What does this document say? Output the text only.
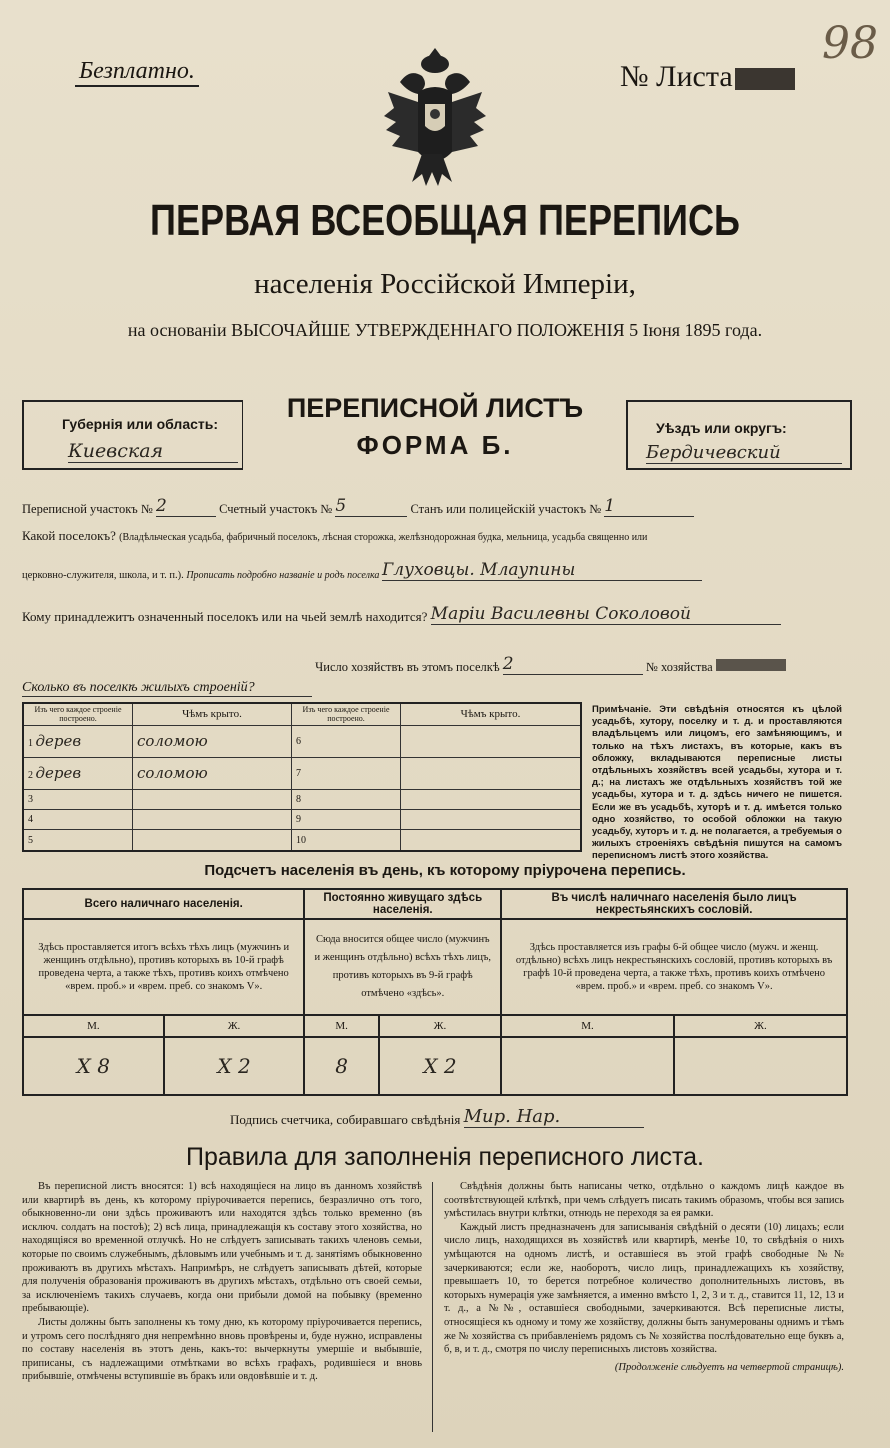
Безплатно.	№ Листа
98
ПЕРВАЯ ВСЕОБЩАЯ ПЕРЕПИСЬ
населенія Россійской Имперіи,
на основаніи ВЫСОЧАЙШЕ УТВЕРЖДЕННАГО ПОЛОЖЕНІЯ 5 Іюня 1895 года.
Губернія или область:
Киевская
ПЕРЕПИСНОЙ ЛИСТЪ
ФОРМА Б.
Уѣздъ или округъ:
Бердичевский
Переписной участокъ № 2	Счетный участокъ № 5	Станъ или полицейскій участокъ № 1
Какой поселокъ? (Владѣльческая усадьба, фабричный поселокъ, лѣсная сторожка, желѣзнодорожная будка, мельница, усадьба священно или
церковно-служителя, школа, и т. п.). Прописать подробно названіе и родъ поселка Глуховцы. Млаупины
Кому принадлежитъ означенный поселокъ или на чьей землѣ находится? Марiи Василевны Соколовой
Число хозяйствъ въ этомъ поселкѣ 2	№ хозяйства
Сколько въ поселкѣ жилыхъ строеній?
Изъ чего каждое строеніе построено.	Чѣмъ крыто.	Изъ чего каждое строеніе построено.	Чѣмъ крыто.
1 дерев	соломою	6	
2 дерев	соломою	7	
3		8	
4		9	
5		10	
Примѣчаніе. Эти свѣдѣнія относятся къ цѣлой усадьбѣ, хутору, поселку и т. д. и проставляются владѣльцемъ или лицомъ, его замѣняющимъ, и только на тѣхъ листахъ, въ которые, какъ въ обложку, вкладываются переписные листы отдѣльныхъ хозяйствъ всей усадьбы, хутора и т. д.; на листахъ же отдѣльныхъ хозяйствъ той же усадьбы, хутора и т. д. здѣсь ничего не пишется. Если же въ усадьбѣ, хуторѣ и т. д. имѣется только одно хозяйство, то особой обложки на такую усадьбу, хуторъ и т. д. не полагается, а требуемыя о жилыхъ строеніяхъ свѣдѣнія пишутся на самомъ переписномъ листѣ этого хозяйства.
Подсчетъ населенія въ день, къ которому пріурочена перепись.
Всего наличнаго населенія.		Постоянно живущаго здѣсь населенія.		Въ числѣ наличнаго населенія было лицъ некрестьянскихъ сословій.	
Здѣсь проставляется итогъ всѣхъ тѣхъ лицъ (мужчинъ и женщинъ отдѣльно), противъ которыхъ въ 10-й графѣ проведена черта, а также тѣхъ, противъ коихъ отмѣчено «врем. проб.» и «врем. преб. со знакомъ V».		Сюда вносится общее число (мужчинъ и женщинъ отдѣльно) всѣхъ тѣхъ лицъ, противъ которыхъ въ 9-й графѣ отмѣчено «здѣсь».		Здѣсь проставляется изъ графы 6-й общее число (мужч. и женщ. отдѣльно) всѣхъ лицъ некрестьянскихъ сословій, противъ которыхъ въ графѣ 10-й проведена черта, а также тѣхъ, противъ коихъ отмѣчено «врем. проб.» и «врем. преб. со знакомъ V».	
М.	Ж.	М.	Ж.	М.	Ж.
Х 8	Х 2	8	Х 2		
Подпись счетчика, собиравшаго свѣдѣнія Мир. Нар.
Правила для заполненія переписного листа.

Въ переписной листъ вносятся: 1) всѣ находящіеся на лицо въ данномъ хозяйствѣ или квартирѣ въ день, къ которому пріурочивается перепись, безразлично отъ того, обыкновенно-ли они здѣсь проживаютъ или находятся здѣсь только временно (въ исключ. солдатъ на постоѣ); 2) всѣ лица, принадлежащія къ составу этого хозяйства, но находящіяся во временной отлучкѣ. Но не слѣдуетъ записывать такихъ членовъ семьи, которые по своимъ служебнымъ, дѣловымъ или учебнымъ и т. д. занятіямъ обыкновенно проживаютъ въ другихъ мѣстахъ. Напримѣръ, не слѣдуетъ записывать дѣтей, которые для полученія образованія проживаютъ въ другихъ мѣстахъ, отдѣльно отъ своей семьи, за исключеніемъ такихъ случаевъ, когда они прибыли домой на побывку (временно пребывающіе).

Листы должны быть заполнены къ тому дню, къ которому пріурочивается перепись, и утромъ сего послѣдняго дня непремѣнно вновь провѣрены и, буде нужно, исправлены по составу населенія въ этотъ день, какъ-то: вычеркнуты умершіе и выбывшіе, приписаны, съ надлежащими отмѣтками во всѣхъ графахъ, родившіеся и вновь прибывшіе, отмѣчены вступившіе въ бракъ или овдовѣвшіе и т. д.

Свѣдѣнія должны быть написаны четко, отдѣльно о каждомъ лицѣ каждое въ соотвѣтствующей клѣткѣ, при чемъ слѣдуетъ писать такимъ образомъ, чтобы вся запись умѣстилась внутри клѣтки, отнюдь не переходя за ея рамки.

Каждый листъ предназначенъ для записыванія свѣдѣній о десяти (10) лицахъ; если число лицъ, находящихся въ хозяйствѣ или квартирѣ, менѣе 10, то свѣдѣнія о нихъ умѣщаются на одномъ листѣ, и оставшіеся въ этой графѣ свободные №№ зачеркиваются; если же, наоборотъ, число лицъ, принадлежащихъ къ хозяйству, превышаетъ 10, то берется потребное количество дополнительныхъ листовъ, въ которыхъ нумерація уже замѣняется, а именно вмѣсто 1, 2, 3 и т. д., ставится 11, 12, 13 и т. д., а №№, оставшіеся свободными, зачеркиваются. Всѣ переписные листы, относящіеся къ одному и тому же хозяйству, должны быть занумерованы однимъ и тѣмъ же № хозяйства съ прибавленіемъ рядомъ съ № хозяйства послѣдовательно еще буквъ а, б, в, и т. д., смотря по числу переписныхъ листовъ хозяйства.

(Продолженіе слѣдуетъ на четвертой страницѣ).
